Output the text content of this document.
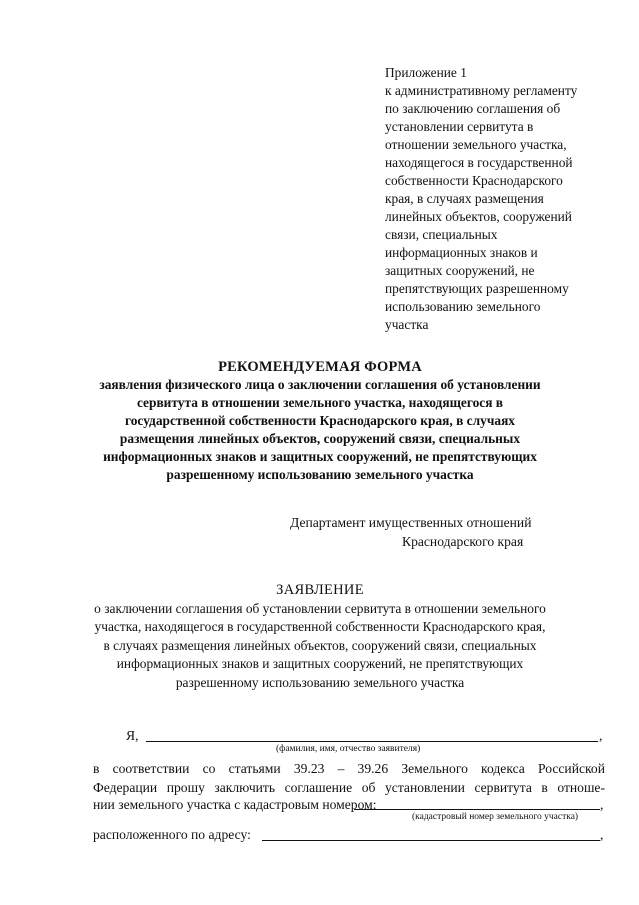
Приложение 1
к административному регламенту
по заключению соглашения об
установлении сервитута в
отношении земельного участка,
находящегося в государственной
собственности Краснодарского
края, в случаях размещения
линейных объектов, сооружений
связи, специальных
информационных знаков и
защитных сооружений, не
препятствующих разрешенному
использованию земельного
участка
РЕКОМЕНДУЕМАЯ ФОРМА
заявления физического лица о заключении соглашения об установлении
сервитута в отношении земельного участка, находящегося в
государственной собственности Краснодарского края, в случаях
размещения линейных объектов, сооружений связи, специальных
информационных знаков и защитных сооружений, не препятствующих
разрешенному использованию земельного участка
Департамент имущественных отношений
Краснодарского края
ЗАЯВЛЕНИЕ
о заключении соглашения об установлении сервитута в отношении земельного
участка, находящегося в государственной собственности Краснодарского края,
в случаях размещения линейных объектов, сооружений связи, специальных
информационных знаков и защитных сооружений, не препятствующих
разрешенному использованию земельного участка
Я,	,
(фамилия, имя, отчество заявителя)
в соответствии со статьями 39.23 – 39.26 Земельного кодекса Российской
Федерации прошу заключить соглашение об установлении сервитута в отноше-
нии земельного участка с кадастровым номером:	,
(кадастровый номер земельного участка)
расположенного по адресу:	,
